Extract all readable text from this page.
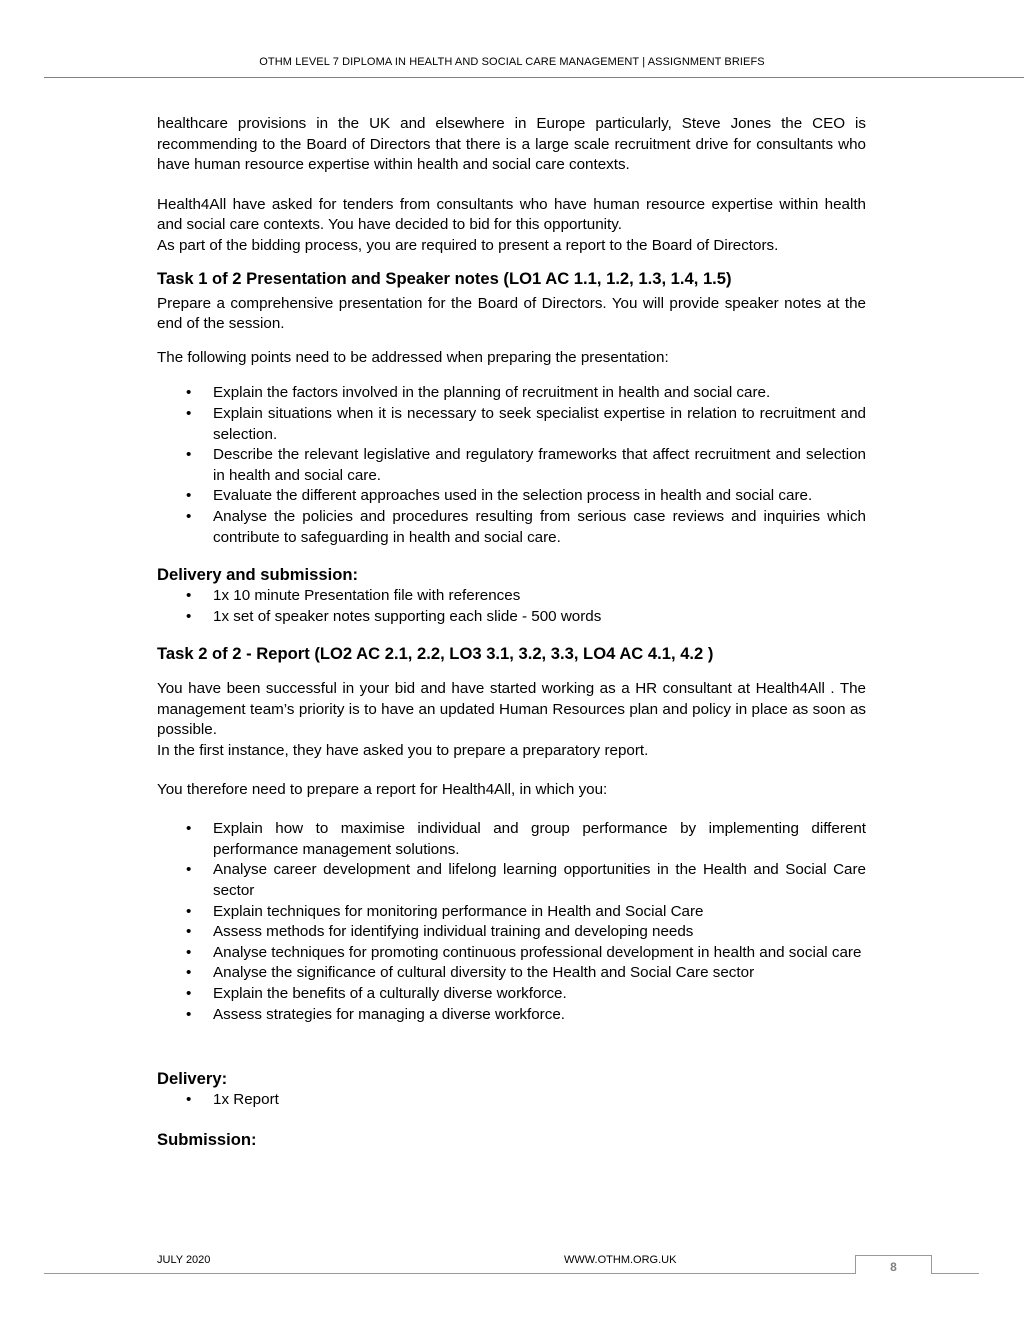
OTHM LEVEL 7 DIPLOMA IN HEALTH AND SOCIAL CARE MANAGEMENT | ASSIGNMENT BRIEFS

healthcare provisions in the UK and elsewhere in Europe particularly, Steve Jones the CEO is recommending to the Board of Directors that there is a large scale recruitment drive for consultants who have human resource expertise within health and social care contexts.

Health4All have asked for tenders from consultants who have human resource expertise within health and social care contexts. You have decided to bid for this opportunity.

As part of the bidding process, you are required to present a report to the Board of Directors.

Task 1 of 2 Presentation and Speaker notes (LO1 AC 1.1, 1.2, 1.3, 1.4, 1.5)

Prepare a comprehensive presentation for the Board of Directors. You will provide speaker notes at the end of the session.

The following points need to be addressed when preparing the presentation:

• Explain the factors involved in the planning of recruitment in health and social care.
• Explain situations when it is necessary to seek specialist expertise in relation to recruitment and selection.
• Describe the relevant legislative and regulatory frameworks that affect recruitment and selection in health and social care.
• Evaluate the different approaches used in the selection process in health and social care.
• Analyse the policies and procedures resulting from serious case reviews and inquiries which contribute to safeguarding in health and social care.
Delivery and submission:
• 1x 10 minute Presentation file with references
• 1x set of speaker notes supporting each slide - 500 words
Task 2 of 2 - Report (LO2 AC 2.1, 2.2, LO3 3.1, 3.2, 3.3, LO4 AC 4.1, 4.2 )

You have been successful in your bid and have started working as a HR consultant at Health4All . The management team’s priority is to have an updated Human Resources plan and policy in place as soon as possible.

In the first instance, they have asked you to prepare a preparatory report.

You therefore need to prepare a report for Health4All, in which you:

• Explain how to maximise individual and group performance by implementing different performance management solutions.
• Analyse career development and lifelong learning opportunities in the Health and Social Care sector
• Explain techniques for monitoring performance in Health and Social Care
• Assess methods for identifying individual training and developing needs
• Analyse techniques for promoting continuous professional development in health and social care
• Analyse the significance of cultural diversity to the Health and Social Care sector
• Explain the benefits of a culturally diverse workforce.
• Assess strategies for managing a diverse workforce.
Delivery:
• 1x Report
Submission:
JULY 2020	WWW.OTHM.ORG.UK	8
